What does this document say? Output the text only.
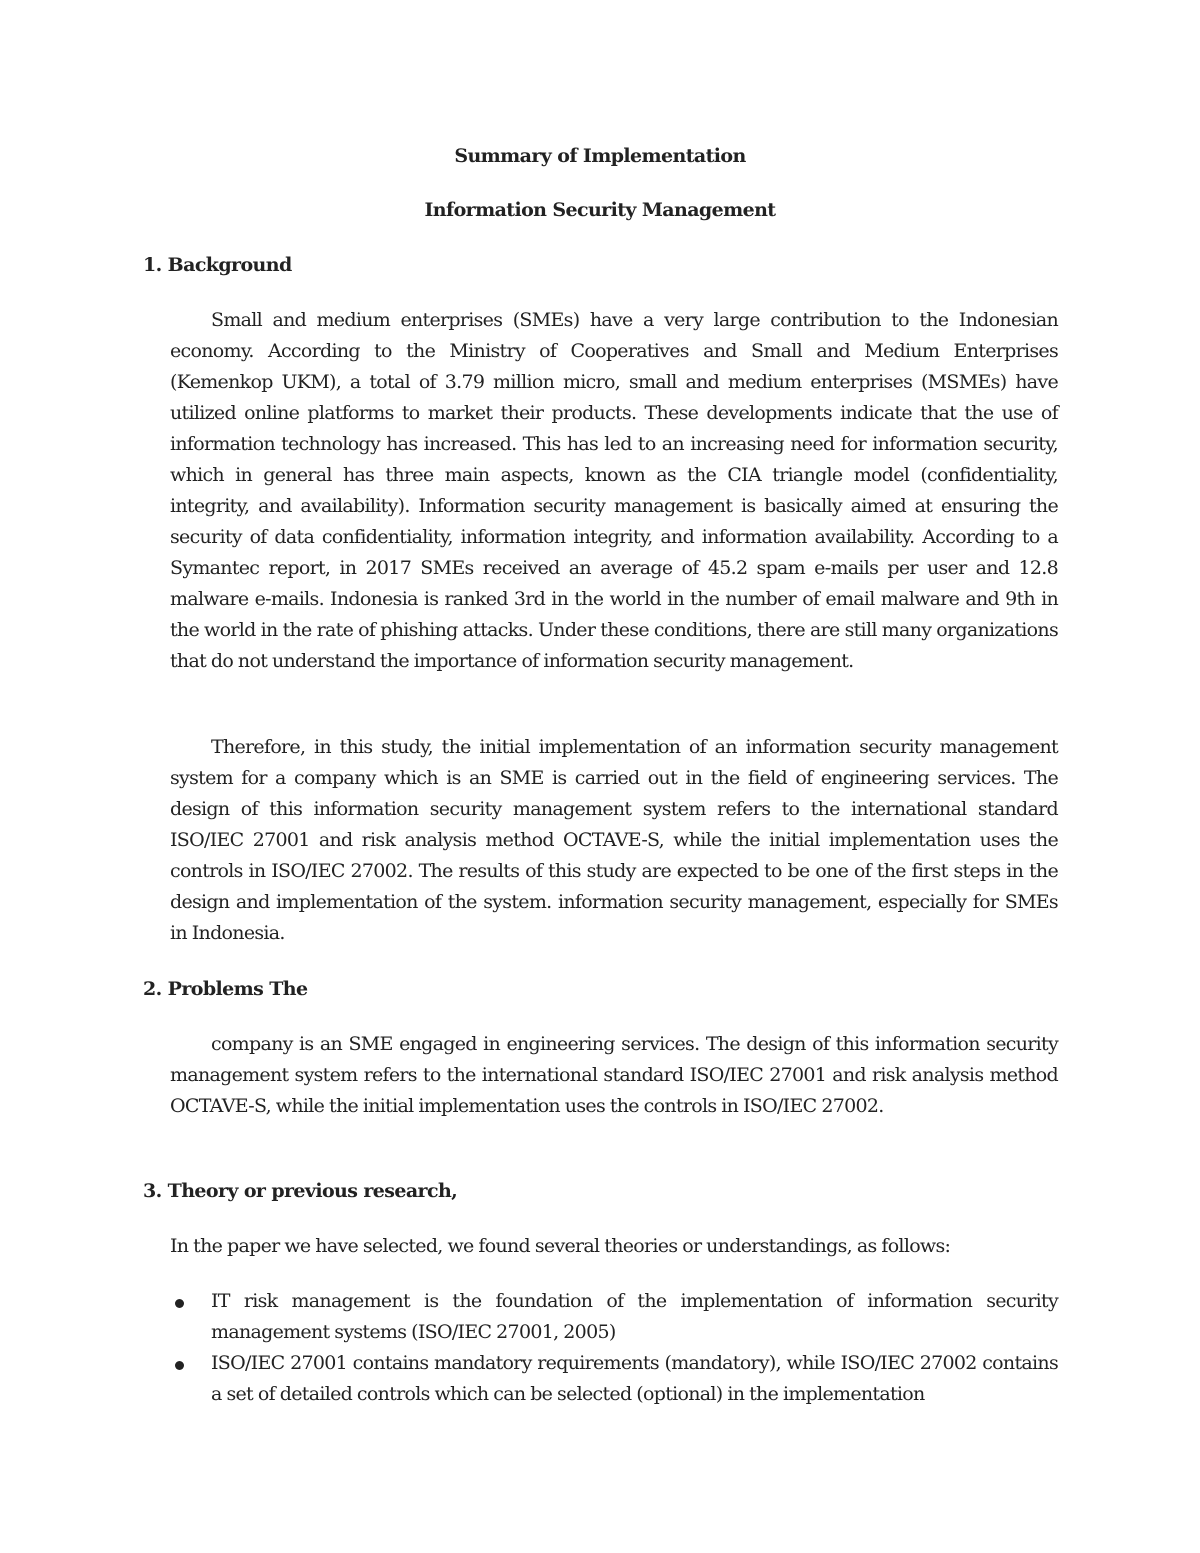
Summary of Implementation
Information Security Management
1. Background
Small and medium enterprises (SMEs) have a very large contribution to the Indonesian economy. According to the Ministry of Cooperatives and Small and Medium Enterprises (Kemenkop UKM), a total of 3.79 million micro, small and medium enterprises (MSMEs) have utilized online platforms to market their products. These developments indicate that the use of information technology has increased. This has led to an increasing need for information security, which in general has three main aspects, known as the CIA triangle model (confidentiality, integrity, and availability). Information security management is basically aimed at ensuring the security of data confidentiality, information integrity, and information availability. According to a Symantec report, in 2017 SMEs received an average of 45.2 spam e-mails per user and 12.8 malware e-mails. Indonesia is ranked 3rd in the world in the number of email malware and 9th in the world in the rate of phishing attacks. Under these conditions, there are still many organizations that do not understand the importance of information security management.
Therefore, in this study, the initial implementation of an information security management system for a company which is an SME is carried out in the field of engineering services. The design of this information security management system refers to the international standard ISO/IEC 27001 and risk analysis method OCTAVE-S, while the initial implementation uses the controls in ISO/IEC 27002. The results of this study are expected to be one of the first steps in the design and implementation of the system. information security management, especially for SMEs in Indonesia.
2. Problems The
company is an SME engaged in engineering services. The design of this information security management system refers to the international standard ISO/IEC 27001 and risk analysis method OCTAVE-S, while the initial implementation uses the controls in ISO/IEC 27002.
3. Theory or previous research,
In the paper we have selected, we found several theories or understandings, as follows:
IT risk management is the foundation of the implementation of information security management systems (ISO/IEC 27001, 2005)
ISO/IEC 27001 contains mandatory requirements (mandatory), while ISO/IEC 27002 contains a set of detailed controls which can be selected (optional) in the implementation
